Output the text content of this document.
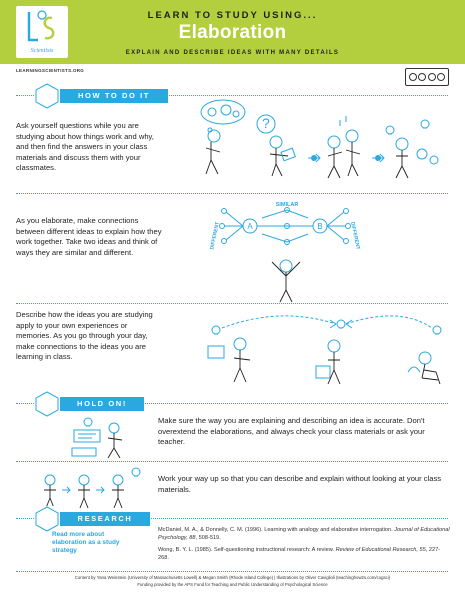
Scientists
LEARN TO STUDY USING...
Elaboration
EXPLAIN AND DESCRIBE IDEAS WITH MANY DETAILS
LEARNINGSCIENTISTS.ORG
HOW TO DO IT
Ask yourself questions while you are studying about how things work and why, and then find the answers in your class materials and discuss them with your classmates.
?
As you elaborate, make connections between different ideas to explain how they work together. Take two ideas and think of ways they are similar and different.
SIMILAR
DIFFERENT	DIFFERENT
A	B
Describe how the ideas you are studying apply to your own experiences or memories. As you go through your day, make connections to the ideas you are learning in class.
HOLD ON!
Make sure the way you are explaining and describing an idea is accurate. Don't overextend the elaborations, and always check your class materials or ask your teacher.
Work your way up so that you can describe and explain without looking at your class materials.
RESEARCH
Read more about elaboration as a study strategy
McDaniel, M. A., & Donnelly, C. M. (1996). Learning with analogy and elaborative interrogation. Journal of Educational Psychology, 88, 508-519.
Wong, B. Y. L. (1985). Self-questioning instructional research: A review. Review of Educational Research, 55, 227-268.
Content by Yana Weinstein (University of Massachusetts Lowell) & Megan Smith (Rhode Island College) | Illustrations by Oliver Caviglioli (teachinghow2s.com/cogsci)
Funding provided by the APS Fund for Teaching and Public Understanding of Psychological Science
